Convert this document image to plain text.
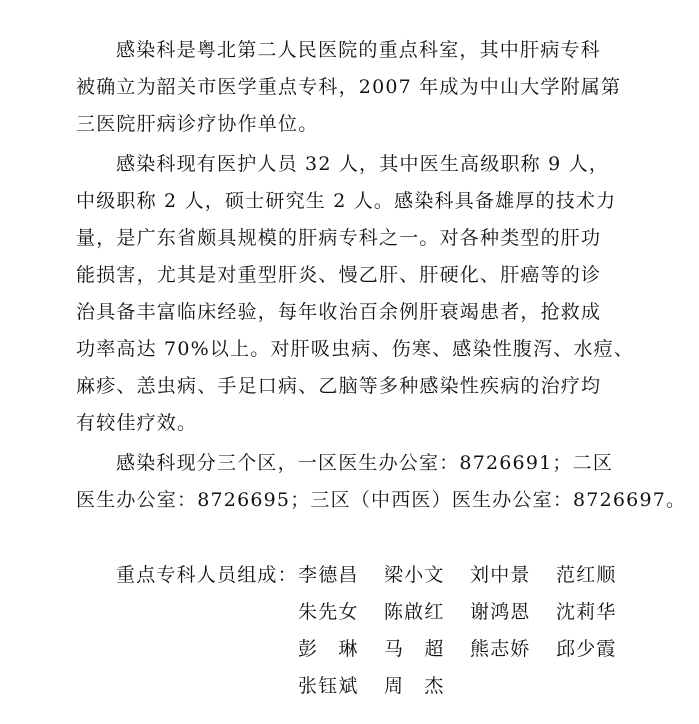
感染科是粤北第二人民医院的重点科室，其中肝病专科
被确立为韶关市医学重点专科，2007 年成为中山大学附属第
三医院肝病诊疗协作单位。
感染科现有医护人员 32 人，其中医生高级职称 9 人，
中级职称 2 人，硕士研究生 2 人。感染科具备雄厚的技术力
量，是广东省颇具规模的肝病专科之一。对各种类型的肝功
能损害，尤其是对重型肝炎、慢乙肝、肝硬化、肝癌等的诊
治具备丰富临床经验，每年收治百余例肝衰竭患者，抢救成
功率高达 70%以上。对肝吸虫病、伤寒、感染性腹泻、水痘、
麻疹、恙虫病、手足口病、乙脑等多种感染性疾病的治疗均
有较佳疗效。
感染科现分三个区，一区医生办公室：8726691；二区
医生办公室：8726695；三区（中西医）医生办公室：8726697。
重点专科人员组成： 李德昌 梁小文 刘中景 范红顺
朱先女 陈啟红 谢鸿恩 沈莉华
彭　琳 马　超 熊志娇 邱少霞
张钰斌 周　杰
